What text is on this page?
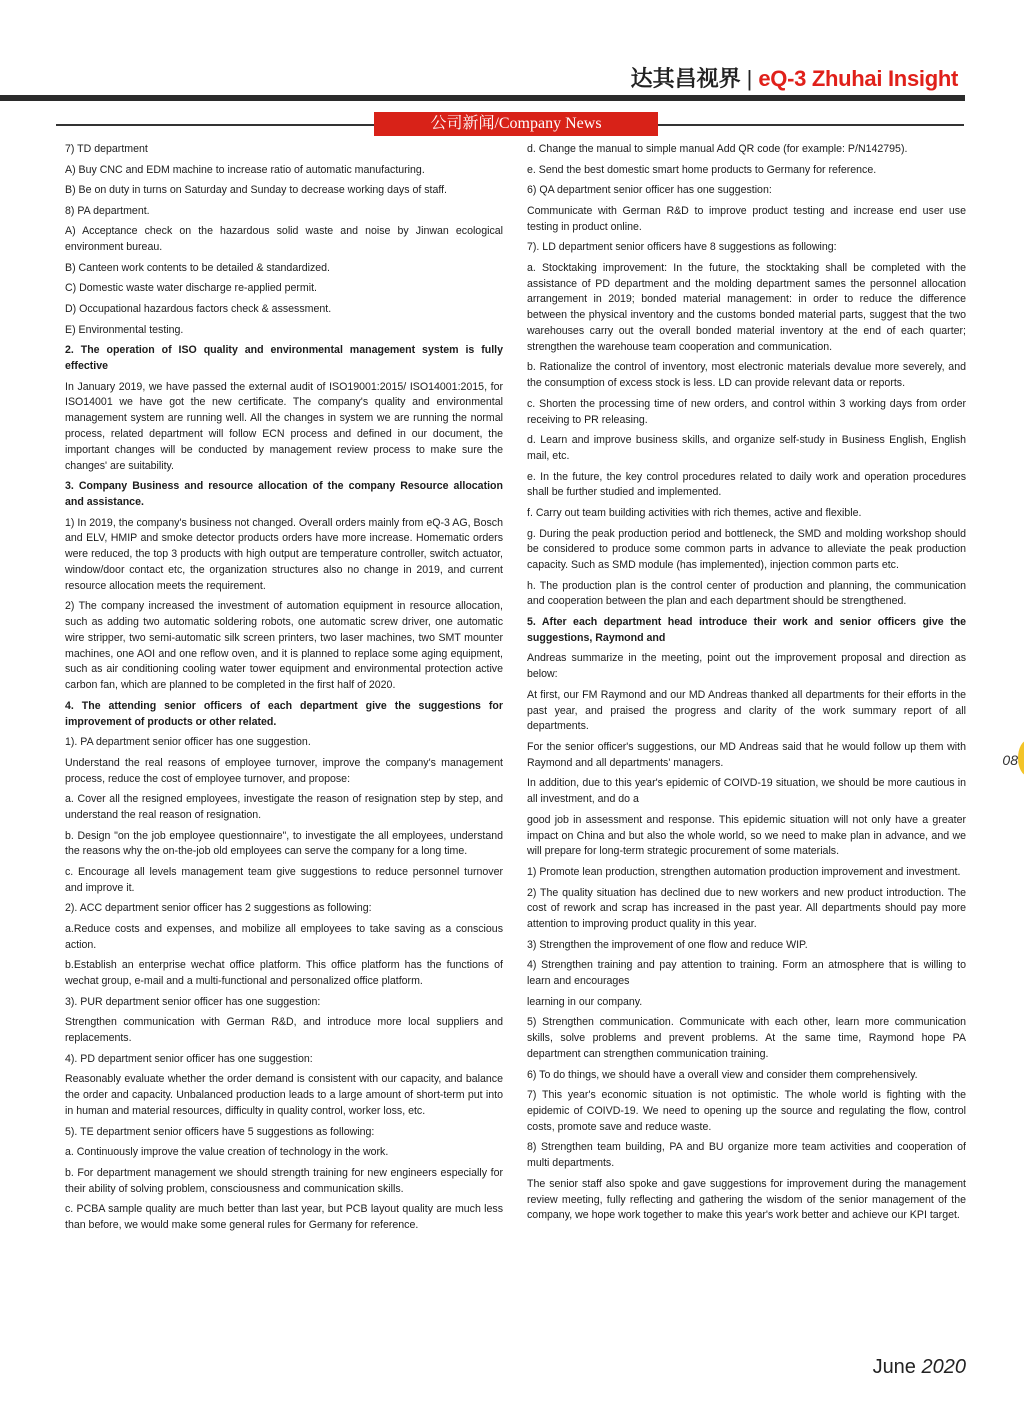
达其昌视界 | eQ-3 Zhuhai Insight
公司新闻/Company News

7) TD department

A) Buy CNC and EDM machine to increase ratio of automatic manufacturing.

B) Be on duty in turns on Saturday and Sunday to decrease working days of staff.

8) PA department.

A) Acceptance check on the hazardous solid waste and noise by Jinwan ecological environment bureau.

B) Canteen work contents to be detailed & standardized.

C) Domestic waste water discharge re-applied permit.

D) Occupational hazardous factors check & assessment.

E) Environmental testing.

2. The operation of ISO quality and environmental management system is fully effective

In January 2019, we have passed the external audit of ISO19001:2015/ ISO14001:2015, for ISO14001 we have got the new certificate. The company's quality and environmental management system are running well. All the changes in system we are running the normal process, related department will follow ECN process and defined in our document, the important changes will be conducted by management review process to make sure the changes' are suitability.

3. Company Business and resource allocation of the company Resource allocation and assistance.

1) In 2019, the company's business not changed. Overall orders mainly from eQ-3 AG, Bosch and ELV, HMIP and smoke detector products orders have more increase. Homematic orders were reduced, the top 3 products with high output are temperature controller, switch actuator, window/door contact etc, the organization structures also no change in 2019, and current resource allocation meets the requirement.

2) The company increased the investment of automation equipment in resource allocation, such as adding two automatic soldering robots, one automatic screw driver, one automatic wire stripper, two semi-automatic silk screen printers, two laser machines, two SMT mounter machines, one AOI and one reflow oven, and it is planned to replace some aging equipment, such as air conditioning cooling water tower equipment and environmental protection active carbon fan, which are planned to be completed in the first half of 2020.

4. The attending senior officers of each department give the suggestions for improvement of products or other related.

1). PA department senior officer has one suggestion.

Understand the real reasons of employee turnover, improve the company's management process, reduce the cost of employee turnover, and propose:

a. Cover all the resigned employees, investigate the reason of resignation step by step, and understand the real reason of resignation.

b. Design "on the job employee questionnaire", to investigate the all employees, understand the reasons why the on-the-job old employees can serve the company for a long time.

c. Encourage all levels management team give suggestions to reduce personnel turnover and improve it.

2). ACC department senior officer has 2 suggestions as following:

a.Reduce costs and expenses, and mobilize all employees to take saving as a conscious action.

b.Establish an enterprise wechat office platform. This office platform has the functions of wechat group, e-mail and a multi-functional and personalized office platform.

3). PUR department senior officer has one suggestion:

Strengthen communication with German R&D, and introduce more local suppliers and replacements.

4). PD department senior officer has one suggestion:

Reasonably evaluate whether the order demand is consistent with our capacity, and balance the order and capacity. Unbalanced production leads to a large amount of short-term put into in human and material resources, difficulty in quality control, worker loss, etc.

5). TE department senior officers have 5 suggestions as following:

a. Continuously improve the value creation of technology in the work.

b. For department management we should strength training for new engineers especially for their ability of solving problem, consciousness and communication skills.

c. PCBA sample quality are much better than last year, but PCB layout quality are much less than before, we would make some general rules for Germany for reference.

d. Change the manual to simple manual Add QR code (for example: P/N142795).

e. Send the best domestic smart home products to Germany for reference.

6) QA department senior officer has one suggestion:

Communicate with German R&D to improve product testing and increase end user use testing in product online.

7). LD department senior officers have 8 suggestions as following:

a. Stocktaking improvement: In the future, the stocktaking shall be completed with the assistance of PD department and the molding department sames the personnel allocation arrangement in 2019; bonded material management: in order to reduce the difference between the physical inventory and the customs bonded material parts, suggest that the two warehouses carry out the overall bonded material inventory at the end of each quarter; strengthen the warehouse team cooperation and communication.

b. Rationalize the control of inventory, most electronic materials devalue more severely, and the consumption of excess stock is less. LD can provide relevant data or reports.

c. Shorten the processing time of new orders, and control within 3 working days from order receiving to PR releasing.

d. Learn and improve business skills, and organize self-study in Business English, English mail, etc.

e. In the future, the key control procedures related to daily work and operation procedures shall be further studied and implemented.

f. Carry out team building activities with rich themes, active and flexible.

g. During the peak production period and bottleneck, the SMD and molding workshop should be considered to produce some common parts in advance to alleviate the peak production capacity. Such as SMD module (has implemented), injection common parts etc.

h. The production plan is the control center of production and planning, the communication and cooperation between the plan and each department should be strengthened.

5. After each department head introduce their work and senior officers give the suggestions, Raymond and

Andreas summarize in the meeting, point out the improvement proposal and direction as below:

At first, our FM Raymond and our MD Andreas thanked all departments for their efforts in the past year, and praised the progress and clarity of the work summary report of all departments.

For the senior officer's suggestions, our MD Andreas said that he would follow up them with Raymond and all departments' managers.

In addition, due to this year's epidemic of COIVD-19 situation, we should be more cautious in all investment, and do a

good job in assessment and response. This epidemic situation will not only have a greater impact on China and but also the whole world, so we need to make plan in advance, and we will prepare for long-term strategic procurement of some materials.

1) Promote lean production, strengthen automation production improvement and investment.

2) The quality situation has declined due to new workers and new product introduction. The cost of rework and scrap has increased in the past year. All departments should pay more attention to improving product quality in this year.

3) Strengthen the improvement of one flow and reduce WIP.

4) Strengthen training and pay attention to training. Form an atmosphere that is willing to learn and encourages

learning in our company.

5) Strengthen communication. Communicate with each other, learn more communication skills, solve problems and prevent problems. At the same time, Raymond hope PA department can strengthen communication training.

6) To do things, we should have a overall view and consider them comprehensively.

7) This year's economic situation is not optimistic. The whole world is fighting with the epidemic of COIVD-19. We need to opening up the source and regulating the flow, control costs, promote save and reduce waste.

8) Strengthen team building, PA and BU organize more team activities and cooperation of multi departments.

The senior staff also spoke and gave suggestions for improvement during the management review meeting, fully reflecting and gathering the wisdom of the senior management of the company, we hope work together to make this year's work better and achieve our KPI target.

08
June 2020
